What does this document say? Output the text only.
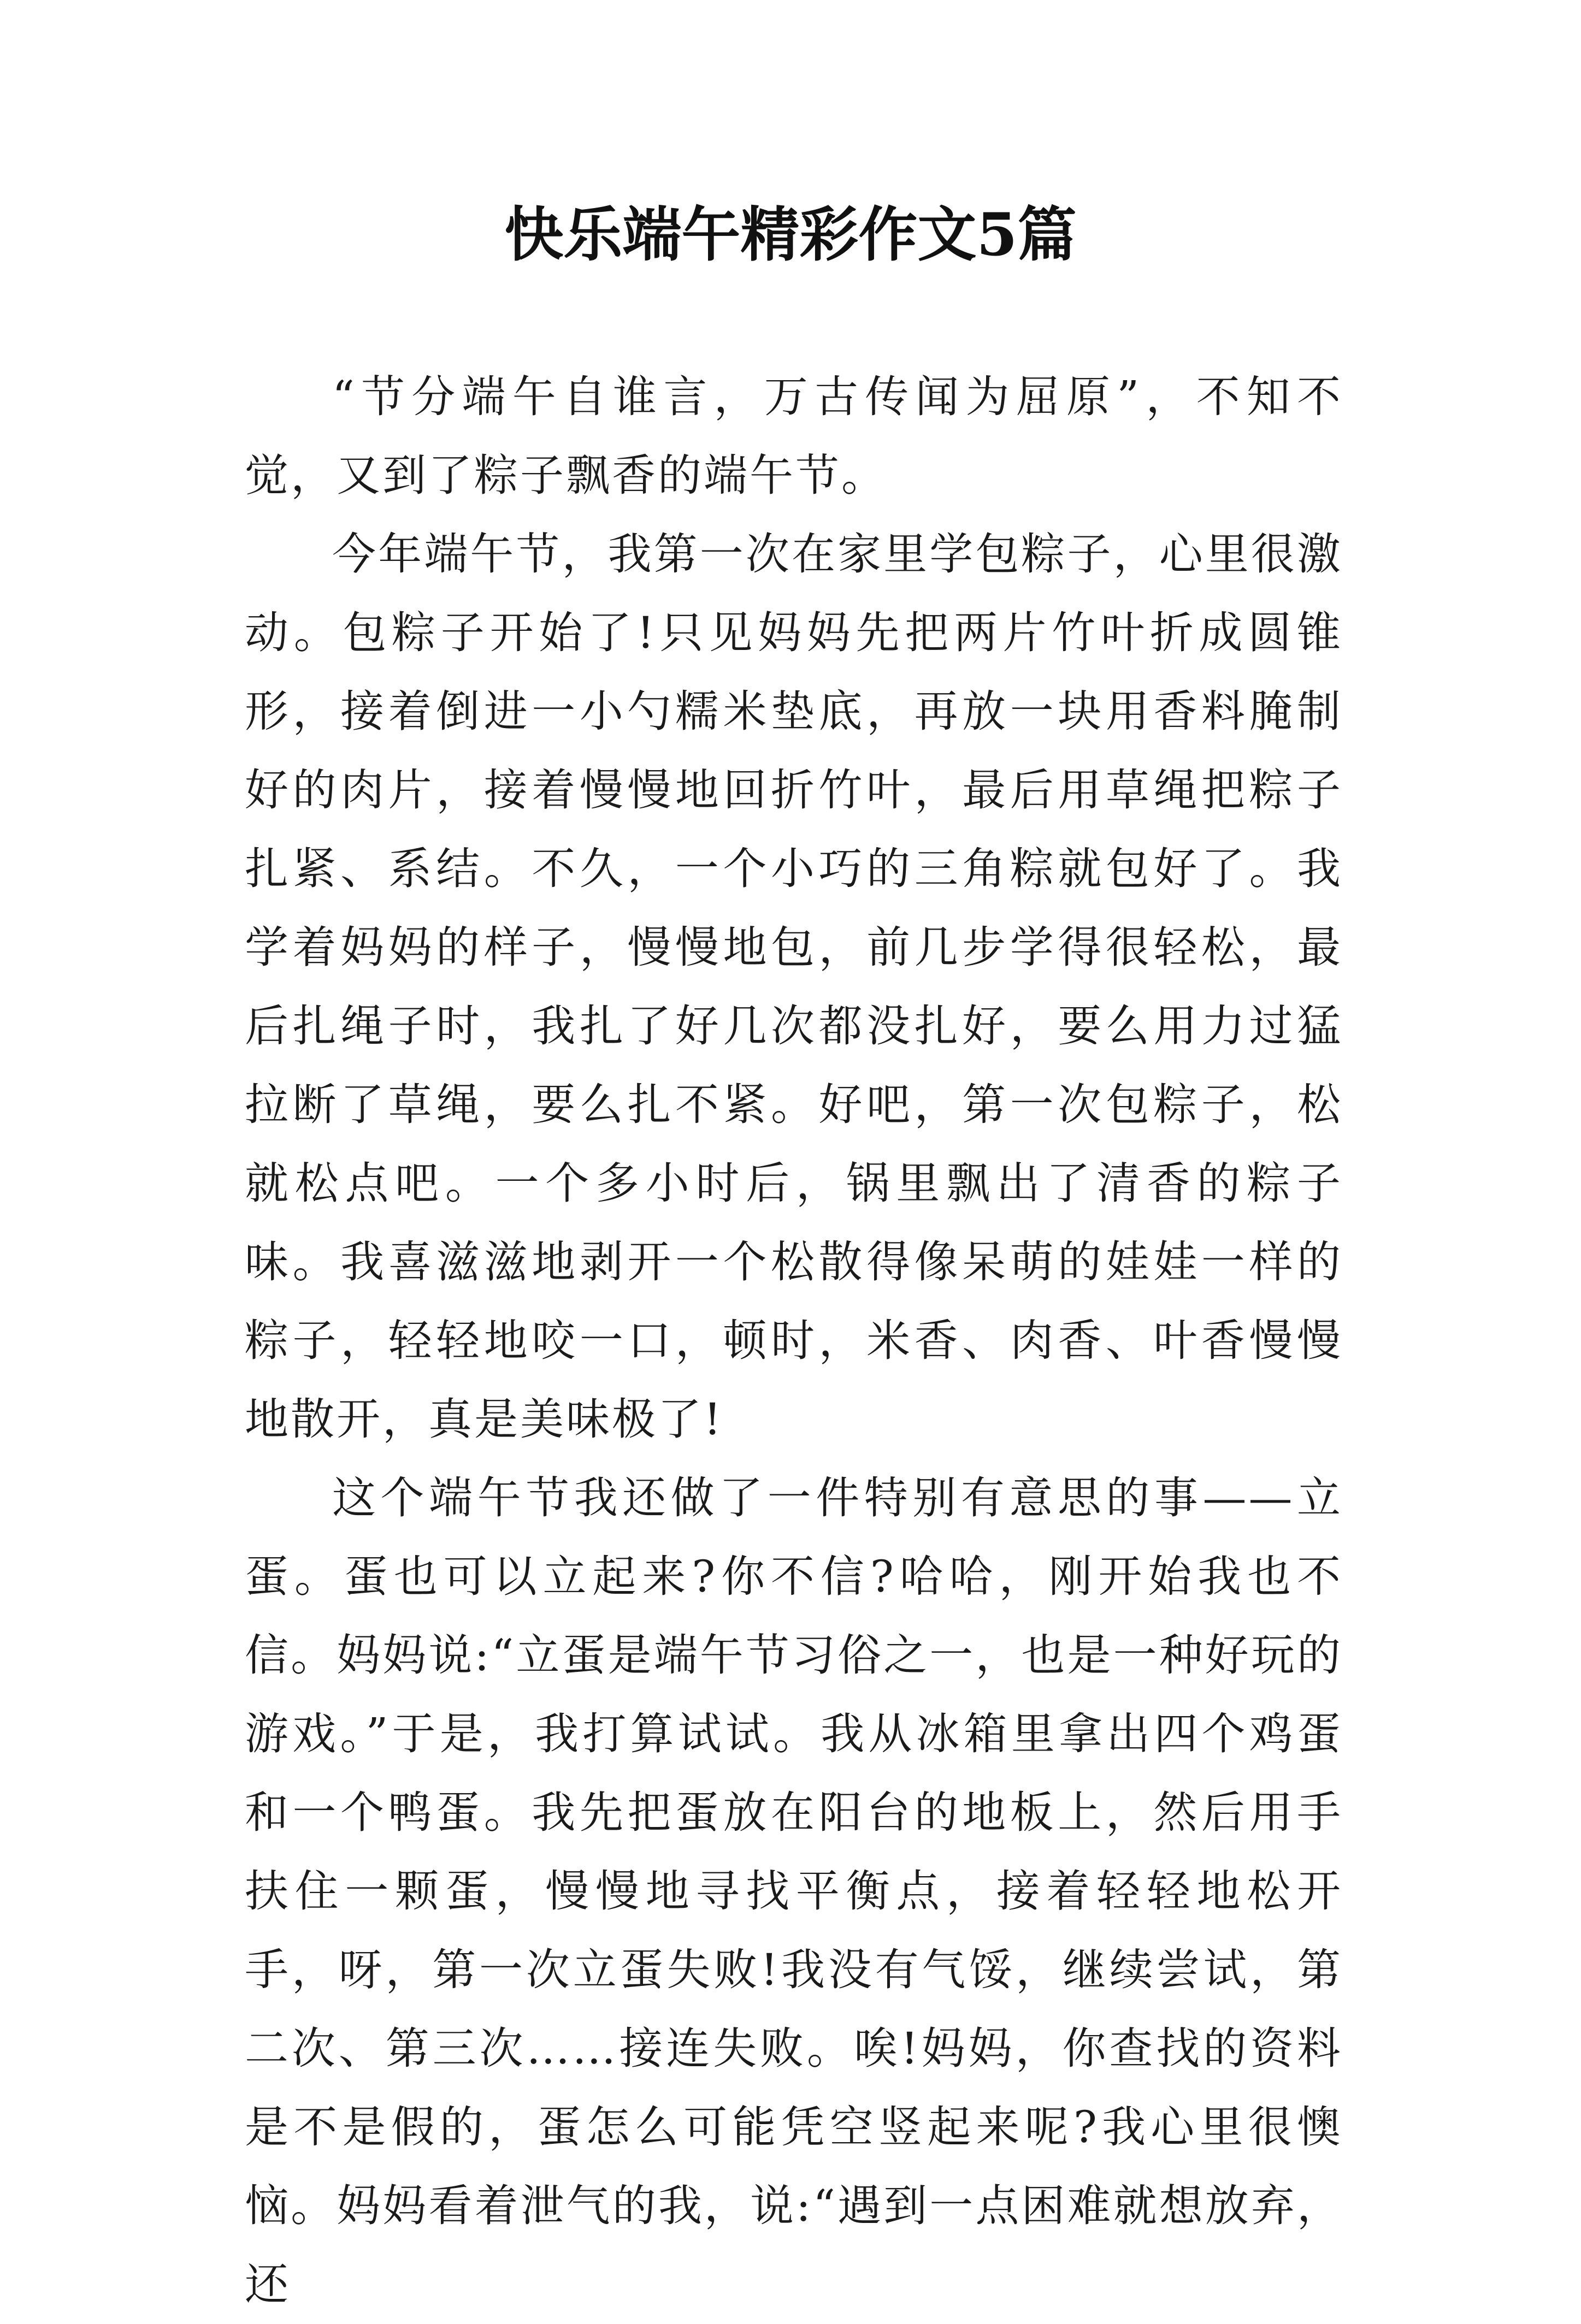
快乐端午精彩作文5篇

“节分端午自谁言，万古传闻为屈原”，不知不觉，又到了粽子飘香的端午节。

今年端午节，我第一次在家里学包粽子，心里很激动。包粽子开始了!只见妈妈先把两片竹叶折成圆锥形，接着倒进一小勺糯米垫底，再放一块用香料腌制好的肉片，接着慢慢地回折竹叶，最后用草绳把粽子扎紧、系结。不久，一个小巧的三角粽就包好了。我学着妈妈的样子，慢慢地包，前几步学得很轻松，最后扎绳子时，我扎了好几次都没扎好，要么用力过猛拉断了草绳，要么扎不紧。好吧，第一次包粽子，松就松点吧。一个多小时后，锅里飘出了清香的粽子味。我喜滋滋地剥开一个松散得像呆萌的娃娃一样的粽子，轻轻地咬一口，顿时，米香、肉香、叶香慢慢地散开，真是美味极了!

这个端午节我还做了一件特别有意思的事——立蛋。蛋也可以立起来?你不信?哈哈，刚开始我也不信。妈妈说:“立蛋是端午节习俗之一，也是一种好玩的游戏。”于是，我打算试试。我从冰箱里拿出四个鸡蛋和一个鸭蛋。我先把蛋放在阳台的地板上，然后用手扶住一颗蛋，慢慢地寻找平衡点，接着轻轻地松开手，呀，第一次立蛋失败!我没有气馁，继续尝试，第二次、第三次……接连失败。唉!妈妈，你查找的资料是不是假的，蛋怎么可能凭空竖起来呢?我心里很懊恼。妈妈看着泄气的我，说:“遇到一点困难就想放弃，还
